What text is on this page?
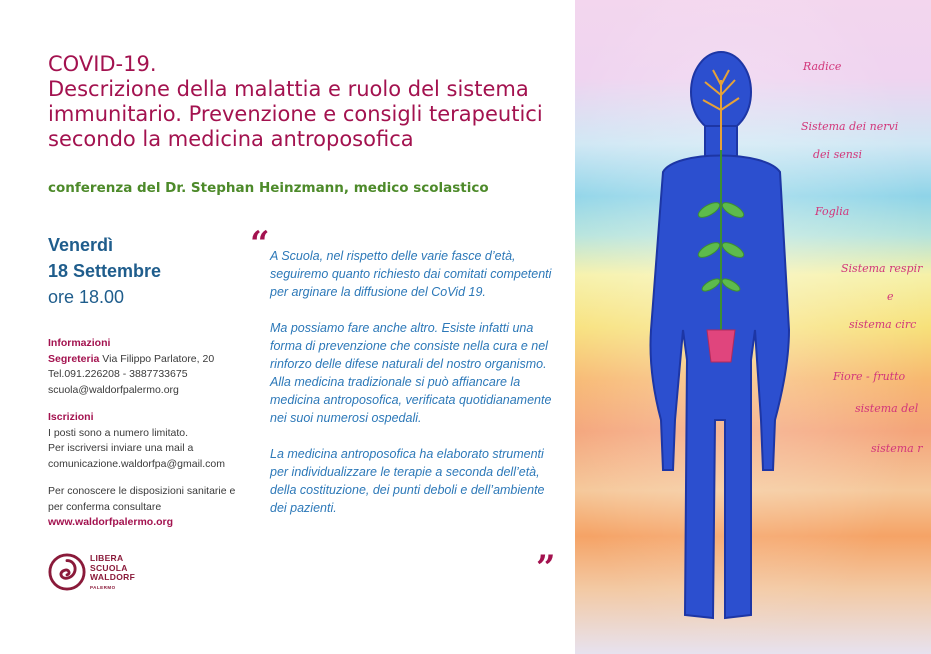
COVID-19.
Descrizione della malattia e ruolo del sistema immunitario. Prevenzione e consigli terapeutici secondo la medicina antroposofica
conferenza del Dr. Stephan Heinzmann, medico scolastico
Venerdì
18 Settembre
ore 18.00
Informazioni
Segreteria Via Filippo Parlatore, 20
Tel.091.226208 - 3887733675
scuola@waldorfpalermo.org
Iscrizioni
I posti sono a numero limitato.
Per iscriversi inviare una mail a
comunicazione.waldorfpa@gmail.com
Per conoscere le disposizioni sanitarie e
per conferma consultare
www.waldorfpalermo.org
LIBERA
SCUOLA
WALDORF
PALERMO
“ A Scuola, nel rispetto delle varie fasce d’età, seguiremo quanto richiesto dai comitati competenti per arginare la diffusione del CoVid 19.

Ma possiamo fare anche altro. Esiste infatti una forma di prevenzione che consiste nella cura e nel rinforzo delle difese naturali del nostro organismo. Alla medicina tradizionale si può affiancare la medicina antroposofica, verificata quotidianamente nei suoi numerosi ospedali.

La medicina antroposofica ha elaborato strumenti per individualizzare le terapie a seconda dell’età, della costituzione, dei punti deboli e dell’ambiente dei pazienti.

”
Radice
Sistema dei nervi
dei sensi
Foglia
Sistema respir
e
sistema circ
Fiore - frutto
sistema del
sistema r
